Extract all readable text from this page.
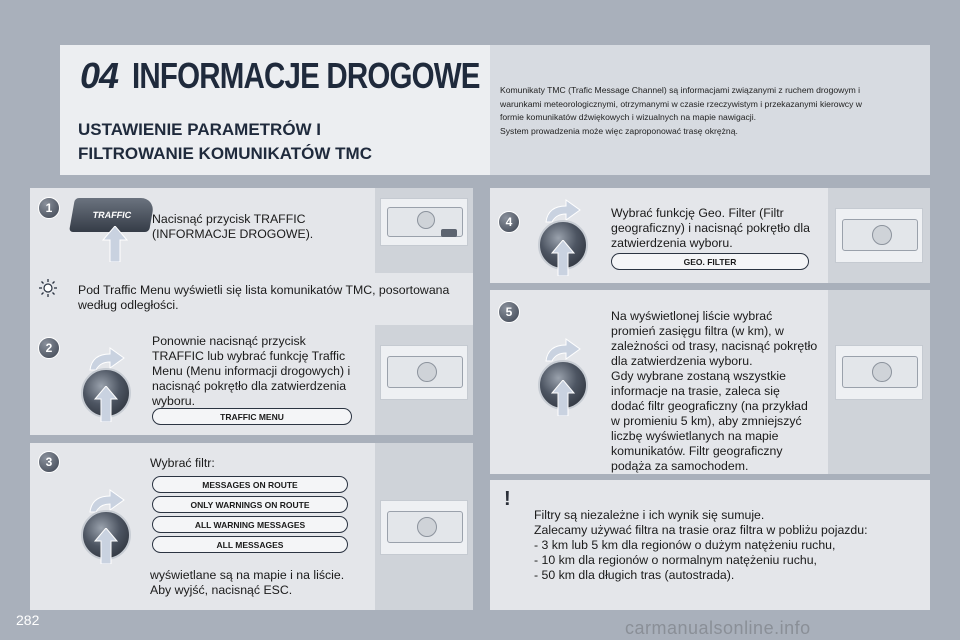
04 INFORMACJE DROGOWE
USTAWIENIE PARAMETRÓW I
FILTROWANIE KOMUNIKATÓW TMC
Komunikaty TMC (Trafic Message Channel) są informacjami związanymi z ruchem drogowym i
warunkami meteorologicznymi, otrzymanymi w czasie rzeczywistym i przekazanymi kierowcy w
formie komunikatów dźwiękowych i wizualnych na mapie nawigacji.
System prowadzenia może więc zaproponować trasę okrężną.
1	TRAFFIC	Nacisnąć przycisk TRAFFIC
(INFORMACJE DROGOWE).
Pod Traffic Menu wyświetli się lista komunikatów TMC, posortowana
według odległości.
2	Ponownie nacisnąć przycisk
TRAFFIC lub wybrać funkcję Traffic
Menu (Menu informacji drogowych) i
nacisnąć pokrętło dla zatwierdzenia
wyboru.
TRAFFIC MENU
3	Wybrać filtr:
MESSAGES ON ROUTE
ONLY WARNINGS ON ROUTE
ALL WARNING MESSAGES
ALL MESSAGES
wyświetlane są na mapie i na liście.
Aby wyjść, nacisnąć ESC.
4
Wybrać funkcję Geo. Filter (Filtr
geograficzny) i nacisnąć pokrętło dla
zatwierdzenia wyboru.
GEO. FILTER
5	Na wyświetlonej liście wybrać
promień zasięgu filtra (w km), w
zależności od trasy, nacisnąć pokrętło
dla zatwierdzenia wyboru.
Gdy wybrane zostaną wszystkie
informacje na trasie, zaleca się
dodać filtr geograficzny (na przykład
w promieniu 5 km), aby zmniejszyć
liczbę wyświetlanych na mapie
komunikatów. Filtr geograficzny
podąża za samochodem.
!
Filtry są niezależne i ich wynik się sumuje.
Zalecamy używać filtra na trasie oraz filtra w pobliżu pojazdu:
- 3 km lub 5 km dla regionów o dużym natężeniu ruchu,
- 10 km dla regionów o normalnym natężeniu ruchu,
- 50 km dla długich tras (autostrada).
282	carmanualsonline.info
